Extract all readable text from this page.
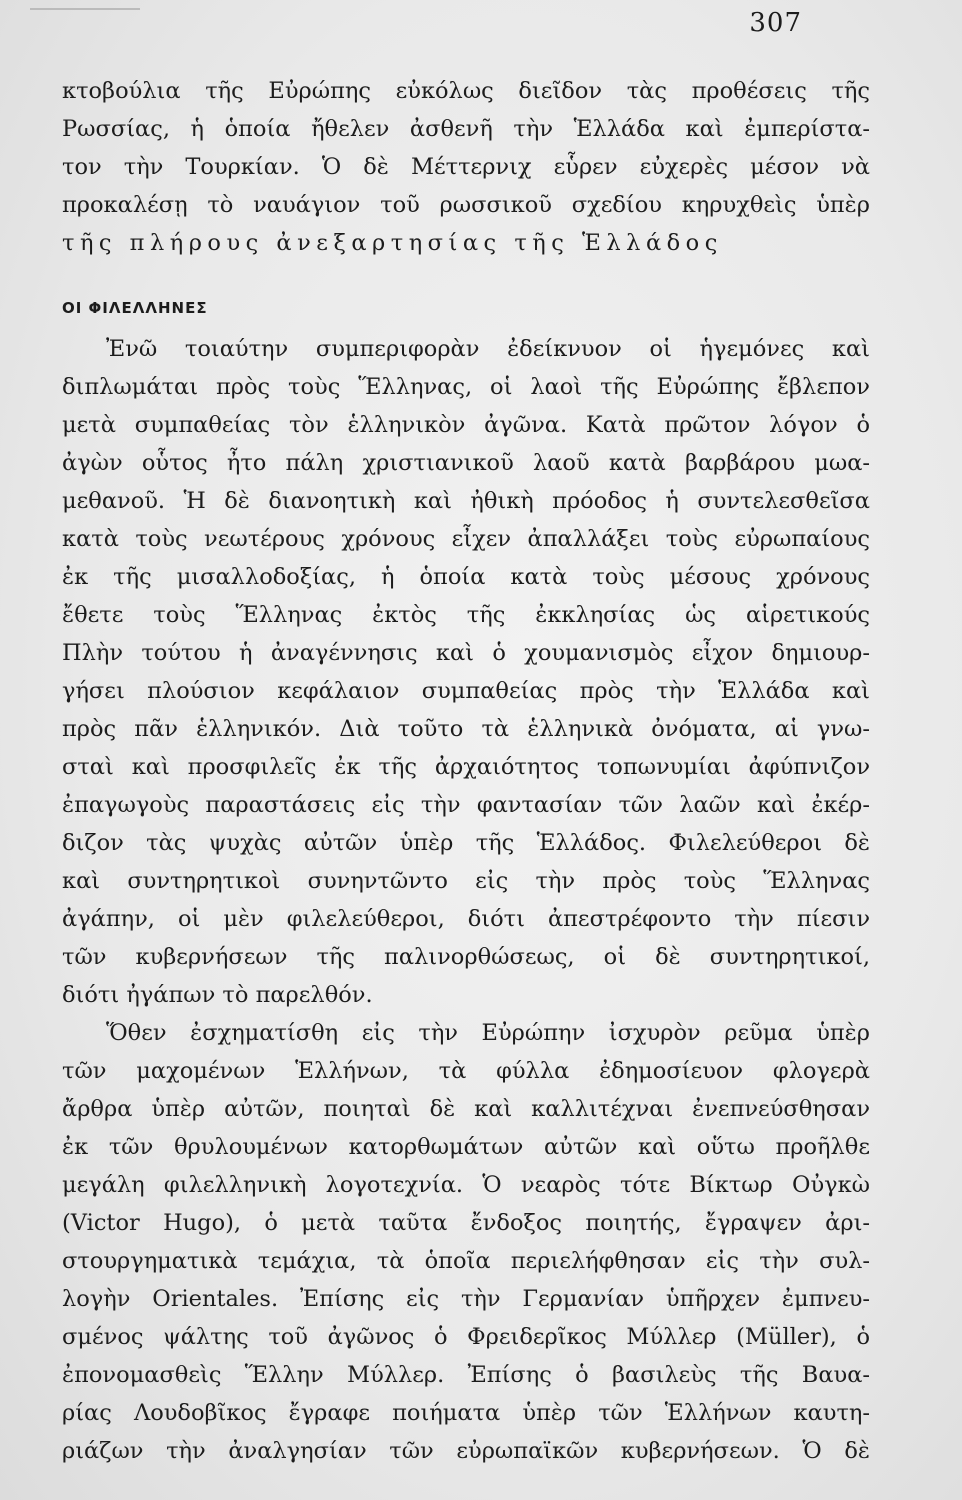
307
κτοβούλια τῆς Εὐρώπης εὐκόλως διεῖδον τὰς προθέσεις τῆς
Ρωσσίας, ἡ ὁποία ἤθελεν ἀσθενῆ τὴν Ἑλλάδα καὶ ἐμπερίστα-
τον τὴν Τουρκίαν. Ὁ δὲ Μέττερνιχ εὗρεν εὐχερὲς μέσον νὰ
προκαλέσῃ τὸ ναυάγιον τοῦ ρωσσικοῦ σχεδίου κηρυχθεὶς ὑπὲρ
τῆς πλήρους ἀνεξαρτησίας τῆς Ἑλλάδος
ΟΙ ΦΙΛΕΛΛΗΝΕΣ
Ἐνῶ τοιαύτην συμπεριφορὰν ἐδείκνυον οἱ ἡγεμόνες καὶ
διπλωμάται πρὸς τοὺς Ἕλληνας, οἱ λαοὶ τῆς Εὐρώπης ἔβλεπον
μετὰ συμπαθείας τὸν ἑλληνικὸν ἀγῶνα. Κατὰ πρῶτον λόγον ὁ
ἀγὼν οὗτος ἦτο πάλη χριστιανικοῦ λαοῦ κατὰ βαρβάρου μωα-
μεθανοῦ. Ἡ δὲ διανοητικὴ καὶ ἠθικὴ πρόοδος ἡ συντελεσθεῖσα
κατὰ τοὺς νεωτέρους χρόνους εἶχεν ἀπαλλάξει τοὺς εὐρωπαίους
ἐκ τῆς μισαλλοδοξίας, ἡ ὁποία κατὰ τοὺς μέσους χρόνους
ἔθετε τοὺς Ἕλληνας ἐκτὸς τῆς ἐκκλησίας ὡς αἱρετικούς
Πλὴν τούτου ἡ ἀναγέννησις καὶ ὁ χουμανισμὸς εἶχον δημιουρ-
γήσει πλούσιον κεφάλαιον συμπαθείας πρὸς τὴν Ἑλλάδα καὶ
πρὸς πᾶν ἑλληνικόν. Διὰ τοῦτο τὰ ἑλληνικὰ ὀνόματα, αἱ γνω-
σταὶ καὶ προσφιλεῖς ἐκ τῆς ἀρχαιότητος τοπωνυμίαι ἀφύπνιζον
ἐπαγωγοὺς παραστάσεις εἰς τὴν φαντασίαν τῶν λαῶν καὶ ἐκέρ-
διζον τὰς ψυχὰς αὐτῶν ὑπὲρ τῆς Ἑλλάδος. Φιλελεύθεροι δὲ
καὶ συντηρητικοὶ συνηντῶντο εἰς τὴν πρὸς τοὺς Ἕλληνας
ἀγάπην, οἱ μὲν φιλελεύθεροι, διότι ἀπεστρέφοντο τὴν πίεσιν
τῶν κυβερνήσεων τῆς παλινορθώσεως, οἱ δὲ συντηρητικοί,
διότι ἠγάπων τὸ παρελθόν.
Ὅθεν ἐσχηματίσθη εἰς τὴν Εὐρώπην ἰσχυρὸν ρεῦμα ὑπὲρ
τῶν μαχομένων Ἑλλήνων, τὰ φύλλα ἐδημοσίευον φλογερὰ
ἄρθρα ὑπὲρ αὐτῶν, ποιηταὶ δὲ καὶ καλλιτέχναι ἐνεπνεύσθησαν
ἐκ τῶν θρυλουμένων κατορθωμάτων αὐτῶν καὶ οὕτω προῆλθε
μεγάλη φιλελληνικὴ λογοτεχνία. Ὁ νεαρὸς τότε Βίκτωρ Οὐγκὼ
(Victor Hugo), ὁ μετὰ ταῦτα ἔνδοξος ποιητής, ἔγραψεν ἀρι-
στουργηματικὰ τεμάχια, τὰ ὁποῖα περιελήφθησαν εἰς τὴν συλ-
λογὴν Orientales. Ἐπίσης εἰς τὴν Γερμανίαν ὑπῆρχεν ἐμπνευ-
σμένος ψάλτης τοῦ ἀγῶνος ὁ Φρειδερῖκος Μύλλερ (Müller), ὁ
ἐπονομασθεὶς Ἕλλην Μύλλερ. Ἐπίσης ὁ βασιλεὺς τῆς Βαυα-
ρίας Λουδοβῖκος ἔγραφε ποιήματα ὑπὲρ τῶν Ἑλλήνων καυτη-
ριάζων τὴν ἀναλγησίαν τῶν εὐρωπαϊκῶν κυβερνήσεων. Ὁ δὲ
